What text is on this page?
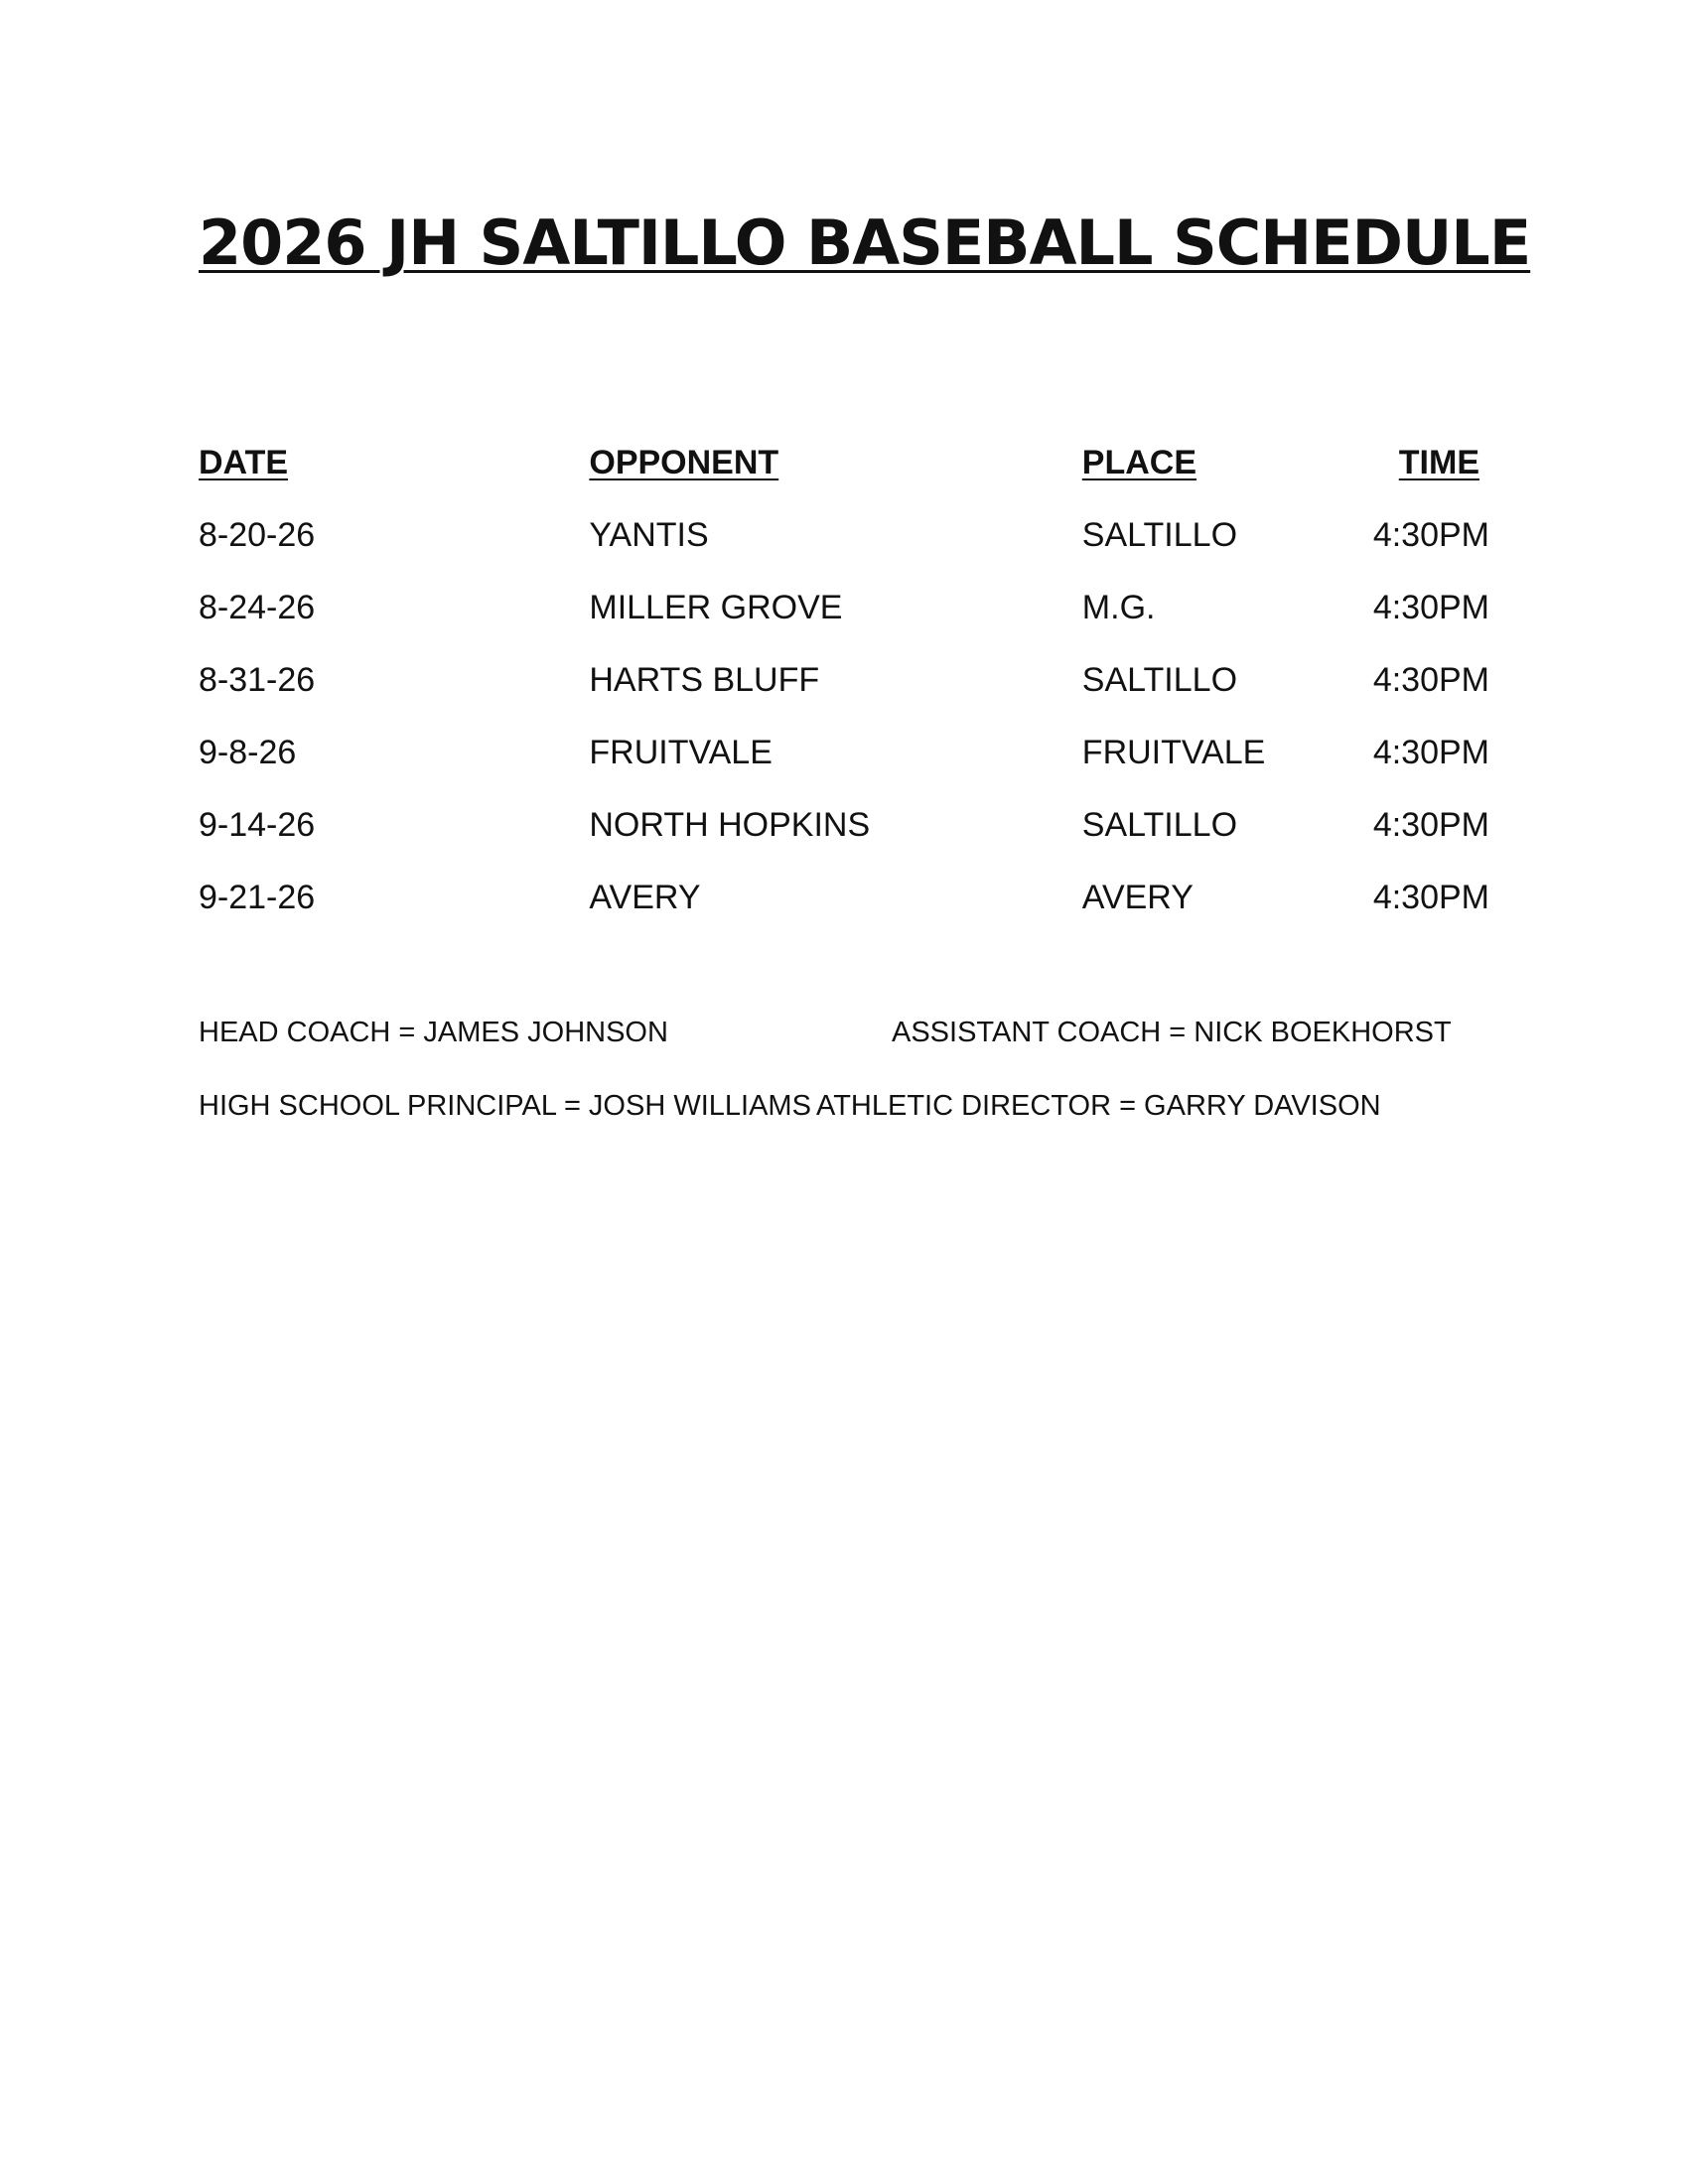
2026 JH SALTILLO BASEBALL SCHEDULE
DATE	OPPONENT	PLACE	TIME
8-20-26	YANTIS	SALTILLO	4:30PM
8-24-26	MILLER GROVE	M.G.	4:30PM
8-31-26	HARTS BLUFF	SALTILLO	4:30PM
9-8-26	FRUITVALE	FRUITVALE	4:30PM
9-14-26	NORTH HOPKINS	SALTILLO	4:30PM
9-21-26	AVERY	AVERY	4:30PM
HEAD COACH = JAMES JOHNSON	ASSISTANT COACH = NICK BOEKHORST
HIGH SCHOOL PRINCIPAL = JOSH WILLIAMS ATHLETIC DIRECTOR = GARRY DAVISON
